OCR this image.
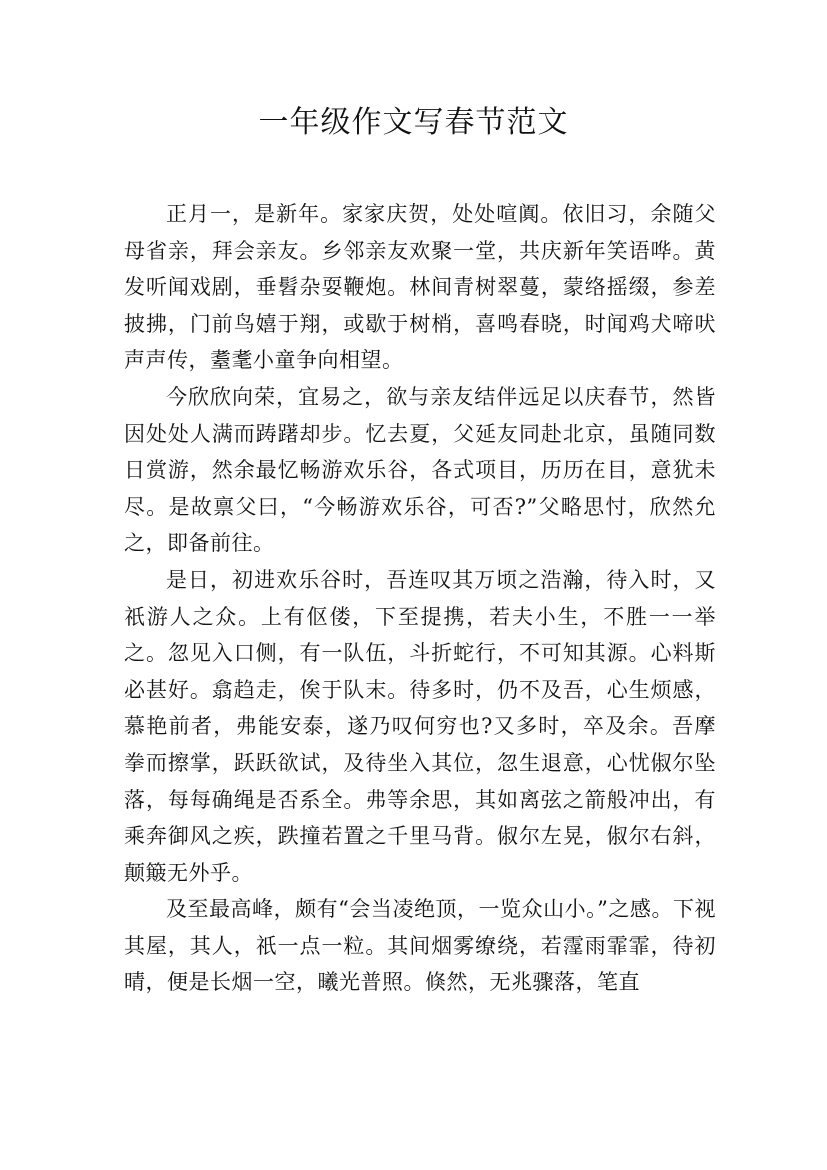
一年级作文写春节范文

正月一，是新年。家家庆贺，处处喧阗。依旧习，余随父母省亲，拜会亲友。乡邻亲友欢聚一堂，共庆新年笑语哗。黄发听闻戏剧，垂髫杂耍鞭炮。林间青树翠蔓，蒙络摇缀，参差披拂，门前鸟嬉于翔，或歇于树梢，喜鸣春晓，时闻鸡犬啼吠声声传，耋耄小童争向相望。

今欣欣向荣，宜易之，欲与亲友结伴远足以庆春节，然皆因处处人满而踌躇却步。忆去夏，父延友同赴北京，虽随同数日赏游，然余最忆畅游欢乐谷，各式项目，历历在目，意犹未尽。是故禀父曰，“今畅游欢乐谷，可否?”父略思忖，欣然允之，即备前往。

是日，初进欢乐谷时，吾连叹其万顷之浩瀚，待入时，又祇游人之众。上有伛偻，下至提携，若夫小生，不胜一一举之。忽见入口侧，有一队伍，斗折蛇行，不可知其源。心料斯必甚好。翕趋走，俟于队末。待多时，仍不及吾，心生烦感，慕艳前者，弗能安泰，遂乃叹何穷也?又多时，卒及余。吾摩拳而擦掌，跃跃欲试，及待坐入其位，忽生退意，心忧俶尔坠落，每每确绳是否系全。弗等余思，其如离弦之箭般冲出，有乘奔御风之疾，跌撞若置之千里马背。俶尔左晃，俶尔右斜，颠簸无外乎。

及至最高峰，颇有“会当凌绝顶，一览众山小。”之感。下视其屋，其人，祇一点一粒。其间烟雾缭绕，若霪雨霏霏，待初晴，便是长烟一空，曦光普照。倏然，无兆骤落，笔直
